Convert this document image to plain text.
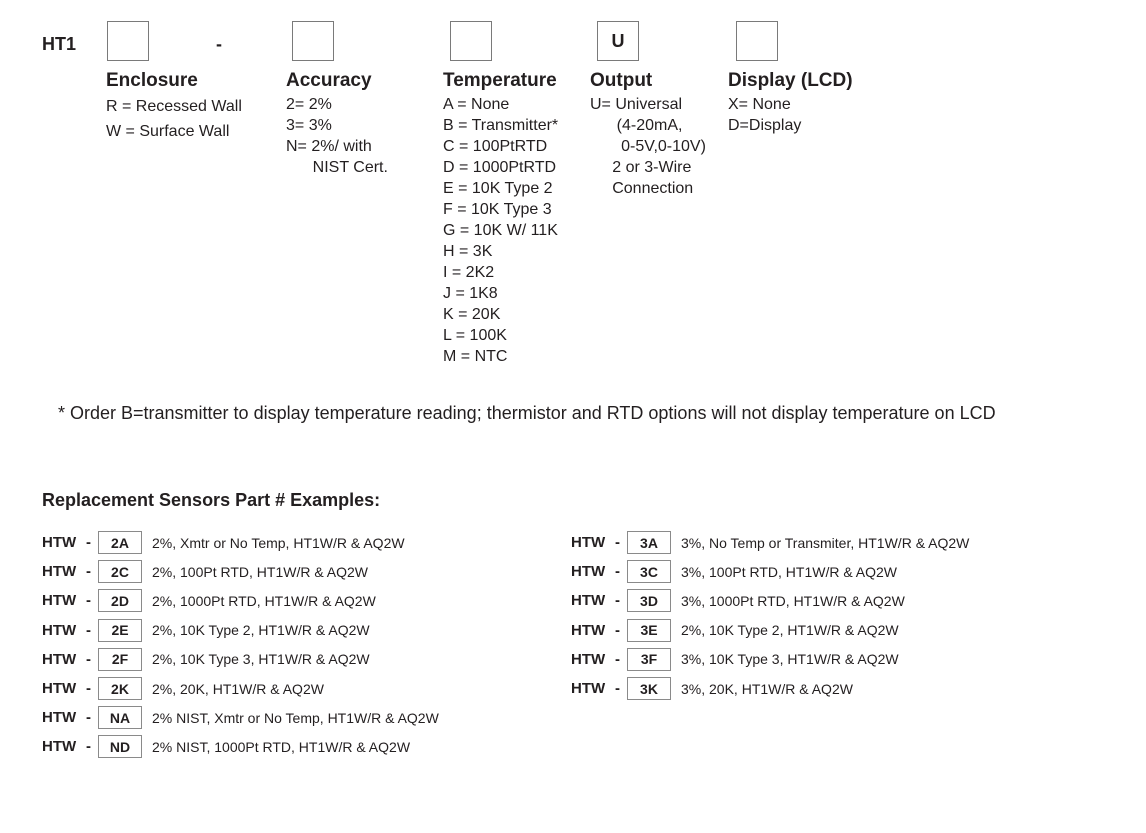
HT1	-	U
Enclosure
R = Recessed Wall
W = Surface Wall
Accuracy
2= 2%
3= 3%
N= 2%/ with
NIST Cert.
Temperature
A = None
B = Transmitter*
C = 100PtRTD
D = 1000PtRTD
E = 10K Type 2
F = 10K Type 3
G = 10K W/ 11K
H = 3K
I = 2K2
J = 1K8
K = 20K
L = 100K
M = NTC
Output
U= Universal
(4-20mA,
0-5V,0-10V)
2 or 3-Wire
Connection
Display (LCD)
X= None
D=Display
* Order B=transmitter to display temperature reading; thermistor and RTD options will not display temperature on LCD
Replacement Sensors Part # Examples:
HTW -	2A	2%, Xmtr or No Temp, HT1W/R & AQ2W
HTW -	2C	2%, 100Pt RTD, HT1W/R & AQ2W
HTW -	2D	2%, 1000Pt RTD, HT1W/R & AQ2W
HTW -	2E	2%, 10K Type 2, HT1W/R & AQ2W
HTW -	2F	2%, 10K Type 3, HT1W/R & AQ2W
HTW -	2K	2%, 20K, HT1W/R & AQ2W
HTW -	NA	2% NIST, Xmtr or No Temp, HT1W/R & AQ2W
HTW -	ND	2% NIST, 1000Pt RTD, HT1W/R & AQ2W
HTW -	3A	3%, No Temp or Transmiter, HT1W/R & AQ2W
HTW -	3C	3%, 100Pt RTD, HT1W/R & AQ2W
HTW -	3D	3%, 1000Pt RTD, HT1W/R & AQ2W
HTW -	3E	2%, 10K Type 2, HT1W/R & AQ2W
HTW -	3F	3%, 10K Type 3, HT1W/R & AQ2W
HTW -	3K	3%, 20K, HT1W/R & AQ2W
